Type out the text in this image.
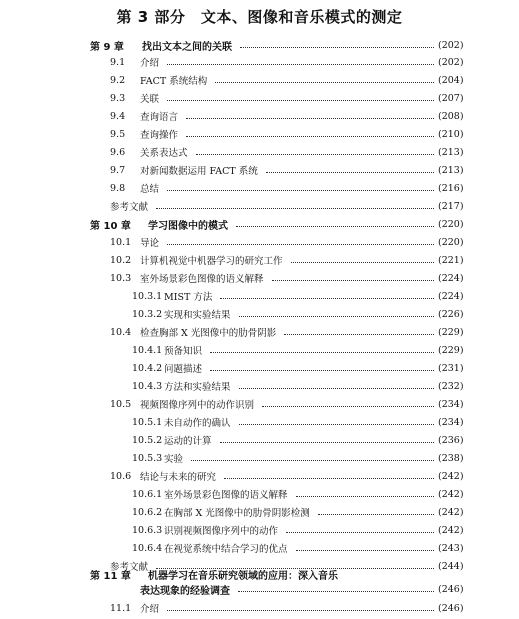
第 3 部分　文本、图像和音乐模式的测定
第 9 章	找出文本之间的关联	(202)
9.1	介绍	(202)
9.2	FACT 系统结构	(204)
9.3	关联	(207)
9.4	查询语言	(208)
9.5	查询操作	(210)
9.6	关系表达式	(213)
9.7	对新闻数据运用 FACT 系统	(213)
9.8	总结	(216)
参考文献	(217)
第 10 章	学习图像中的模式	(220)
10.1 导论	(220)
10.2 计算机视觉中机器学习的研究工作	(221)
10.3 室外场景彩色图像的语义解释	(224)
10.3.1 MIST 方法	(224)
10.3.2 实现和实验结果	(226)
10.4 检查胸部 X 光图像中的肋骨阴影	(229)
10.4.1 预备知识	(229)
10.4.2 问题描述	(231)
10.4.3 方法和实验结果	(232)
10.5 视频图像序列中的动作识别	(234)
10.5.1 未自动作的确认	(234)
10.5.2 运动的计算	(236)
10.5.3 实验	(238)
10.6 结论与未来的研究	(242)
10.6.1 室外场景彩色图像的语义解释	(242)
10.6.2 在胸部 X 光图像中的肋骨阴影检测	(242)
10.6.3 识别视频图像序列中的动作	(242)
10.6.4 在视觉系统中结合学习的优点	(243)
参考文献	(244)
第 11 章	机器学习在音乐研究领域的应用：深入音乐
表达现象的经验调查	(246)
11.1 介绍	(246)
